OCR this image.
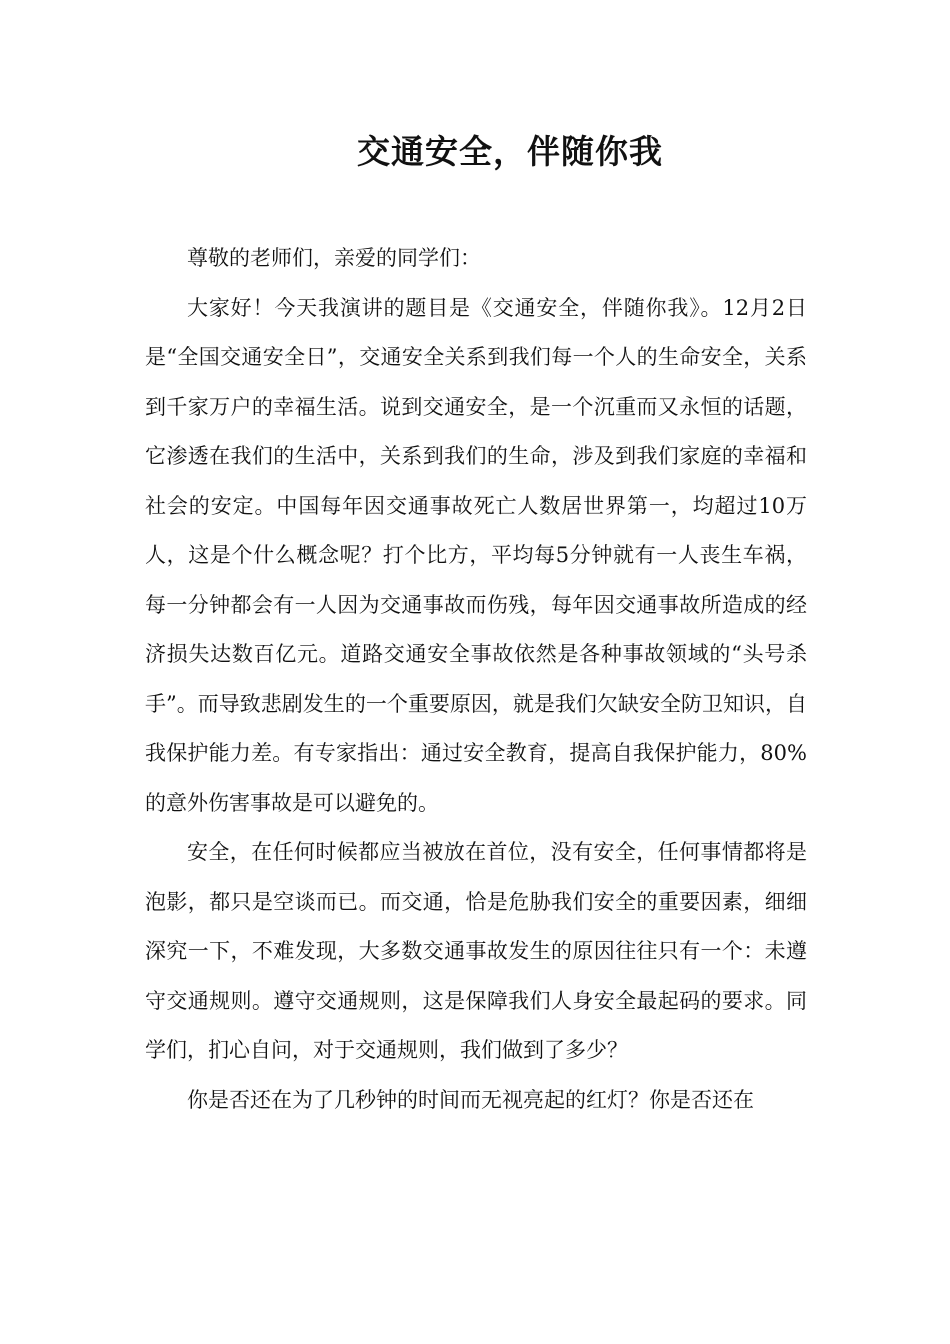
交通安全，伴随你我

尊敬的老师们，亲爱的同学们：

大家好！今天我演讲的题目是《交通安全，伴随你我》。12月2日是“全国交通安全日”，交通安全关系到我们每一个人的生命安全，关系到千家万户的幸福生活。说到交通安全，是一个沉重而又永恒的话题，它渗透在我们的生活中，关系到我们的生命，涉及到我们家庭的幸福和社会的安定。中国每年因交通事故死亡人数居世界第一，均超过10万人，这是个什么概念呢？打个比方，平均每5分钟就有一人丧生车祸，每一分钟都会有一人因为交通事故而伤残，每年因交通事故所造成的经济损失达数百亿元。道路交通安全事故依然是各种事故领域的“头号杀手”。而导致悲剧发生的一个重要原因，就是我们欠缺安全防卫知识，自我保护能力差。有专家指出：通过安全教育，提高自我保护能力，80%的意外伤害事故是可以避免的。

安全，在任何时候都应当被放在首位，没有安全，任何事情都将是泡影，都只是空谈而已。而交通，恰是危胁我们安全的重要因素，细细深究一下，不难发现，大多数交通事故发生的原因往往只有一个：未遵守交通规则。遵守交通规则，这是保障我们人身安全最起码的要求。同学们，扪心自问，对于交通规则，我们做到了多少？

你是否还在为了几秒钟的时间而无视亮起的红灯？你是否还在
